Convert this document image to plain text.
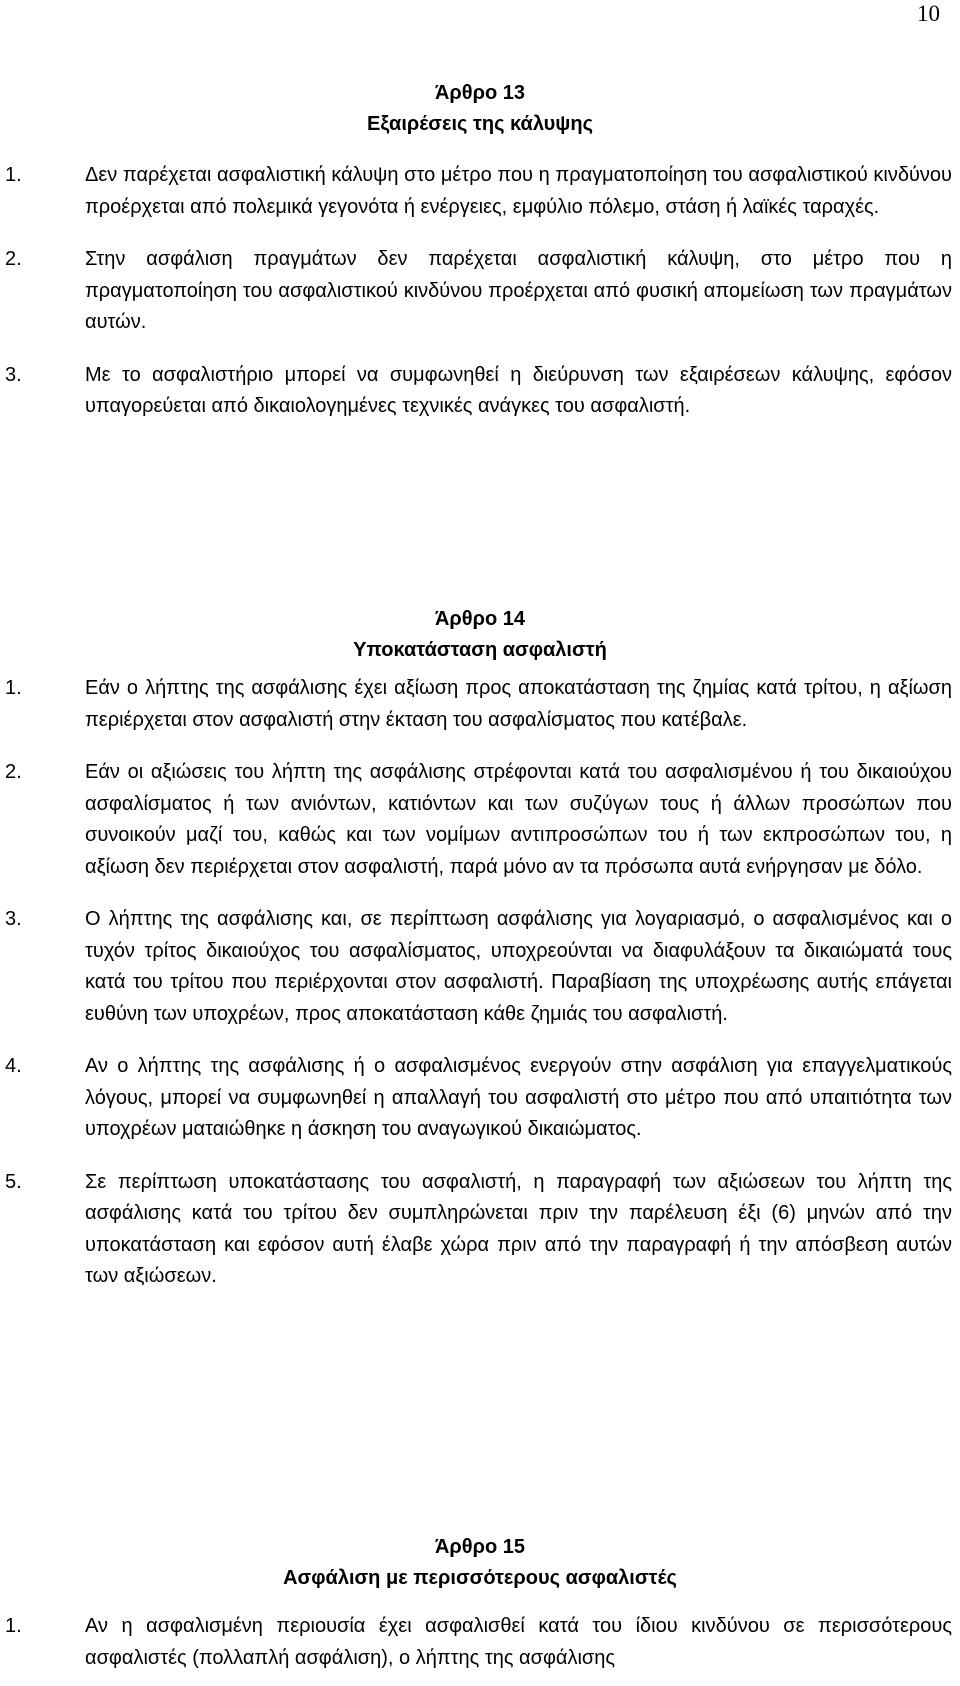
10

Άρθρο 13

Εξαιρέσεις της κάλυψης

1.	Δεν παρέχεται ασφαλιστική κάλυψη στο μέτρο που η πραγματοποίηση του ασφαλιστικού κινδύνου προέρχεται από πολεμικά γεγονότα ή ενέργειες, εμφύλιο πόλεμο, στάση ή λαϊκές ταραχές.
2.	Στην ασφάλιση πραγμάτων δεν παρέχεται ασφαλιστική κάλυψη, στο μέτρο που η πραγματοποίηση του ασφαλιστικού κινδύνου προέρχεται από φυσική απομείωση των πραγμάτων αυτών.
3.	Με το ασφαλιστήριο μπορεί να συμφωνηθεί η διεύρυνση των εξαιρέσεων κάλυψης, εφόσον υπαγορεύεται από δικαιολογημένες τεχνικές ανάγκες του ασφαλιστή.

Άρθρο 14

Υποκατάσταση ασφαλιστή

1.	Εάν ο λήπτης της ασφάλισης έχει αξίωση προς αποκατάσταση της ζημίας κατά τρίτου, η αξίωση περιέρχεται στον ασφαλιστή στην έκταση του ασφαλίσματος που κατέβαλε.
2.	Εάν οι αξιώσεις του λήπτη της ασφάλισης στρέφονται κατά του ασφαλισμένου ή του δικαιούχου ασφαλίσματος ή των ανιόντων, κατιόντων και των συζύγων τους ή άλλων προσώπων που συνοικούν μαζί του, καθώς και των νομίμων αντιπροσώπων του ή των εκπροσώπων του, η αξίωση δεν περιέρχεται στον ασφαλιστή, παρά μόνο αν τα πρόσωπα αυτά ενήργησαν με δόλο.
3.	Ο λήπτης της ασφάλισης και, σε περίπτωση ασφάλισης για λογαριασμό, ο ασφαλισμένος και ο τυχόν τρίτος δικαιούχος του ασφαλίσματος, υποχρεούνται να διαφυλάξουν τα δικαιώματά τους κατά του τρίτου που περιέρχονται στον ασφαλιστή. Παραβίαση της υποχρέωσης αυτής επάγεται ευθύνη των υποχρέων, προς αποκατάσταση κάθε ζημιάς του ασφαλιστή.
4.	Αν ο λήπτης της ασφάλισης ή ο ασφαλισμένος ενεργούν στην ασφάλιση για επαγγελματικούς λόγους, μπορεί να συμφωνηθεί η απαλλαγή του ασφαλιστή στο μέτρο που από υπαιτιότητα των υποχρέων ματαιώθηκε η άσκηση του αναγωγικού δικαιώματος.
5.	Σε περίπτωση υποκατάστασης του ασφαλιστή, η παραγραφή των αξιώσεων του λήπτη της ασφάλισης κατά του τρίτου δεν συμπληρώνεται πριν την παρέλευση έξι (6) μηνών από την υποκατάσταση και εφόσον αυτή έλαβε χώρα πριν από την παραγραφή ή την απόσβεση αυτών των αξιώσεων.

Άρθρο 15

Ασφάλιση με περισσότερους ασφαλιστές

1.	Αν η ασφαλισμένη περιουσία έχει ασφαλισθεί κατά του ίδιου κινδύνου σε περισσότερους ασφαλιστές (πολλαπλή ασφάλιση), ο λήπτης της ασφάλισης
